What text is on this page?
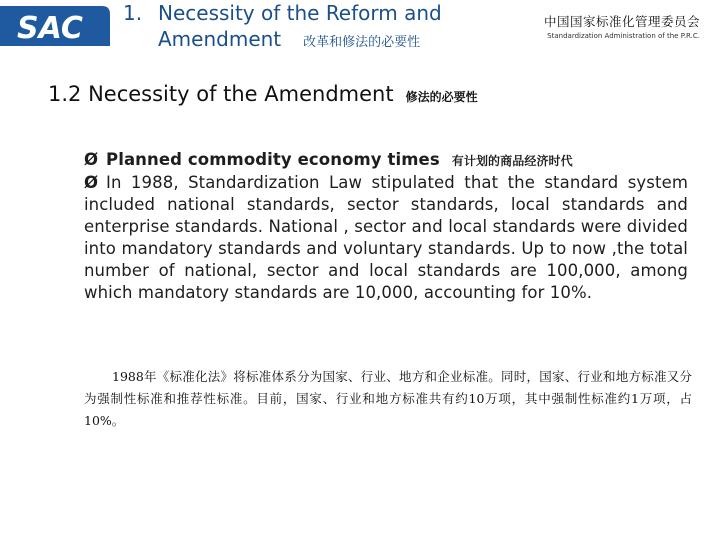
SAC 1. Necessity of the Reform and
Amendment 改革和修法的必要性
中国国家标准化管理委员会
Standardization Administration of the P.R.C.
1.2 Necessity of the Amendment 修法的必要性
Ø Planned commodity economy times 有计划的商品经济时代
Ø In 1988, Standardization Law stipulated that the standard system included national standards, sector standards, local standards and enterprise standards. National , sector and local standards were divided into mandatory standards and voluntary standards. Up to now ,the total number of national, sector and local standards are 100,000, among which mandatory standards are 10,000, accounting for 10%.
1988年《标准化法》将标准体系分为国家、行业、地方和企业标准。同时，国家、行业和地方标准又分为强制性标准和推荐性标准。目前，国家、行业和地方标准共有约10万项，其中强制性标准约1万项，占10%。
